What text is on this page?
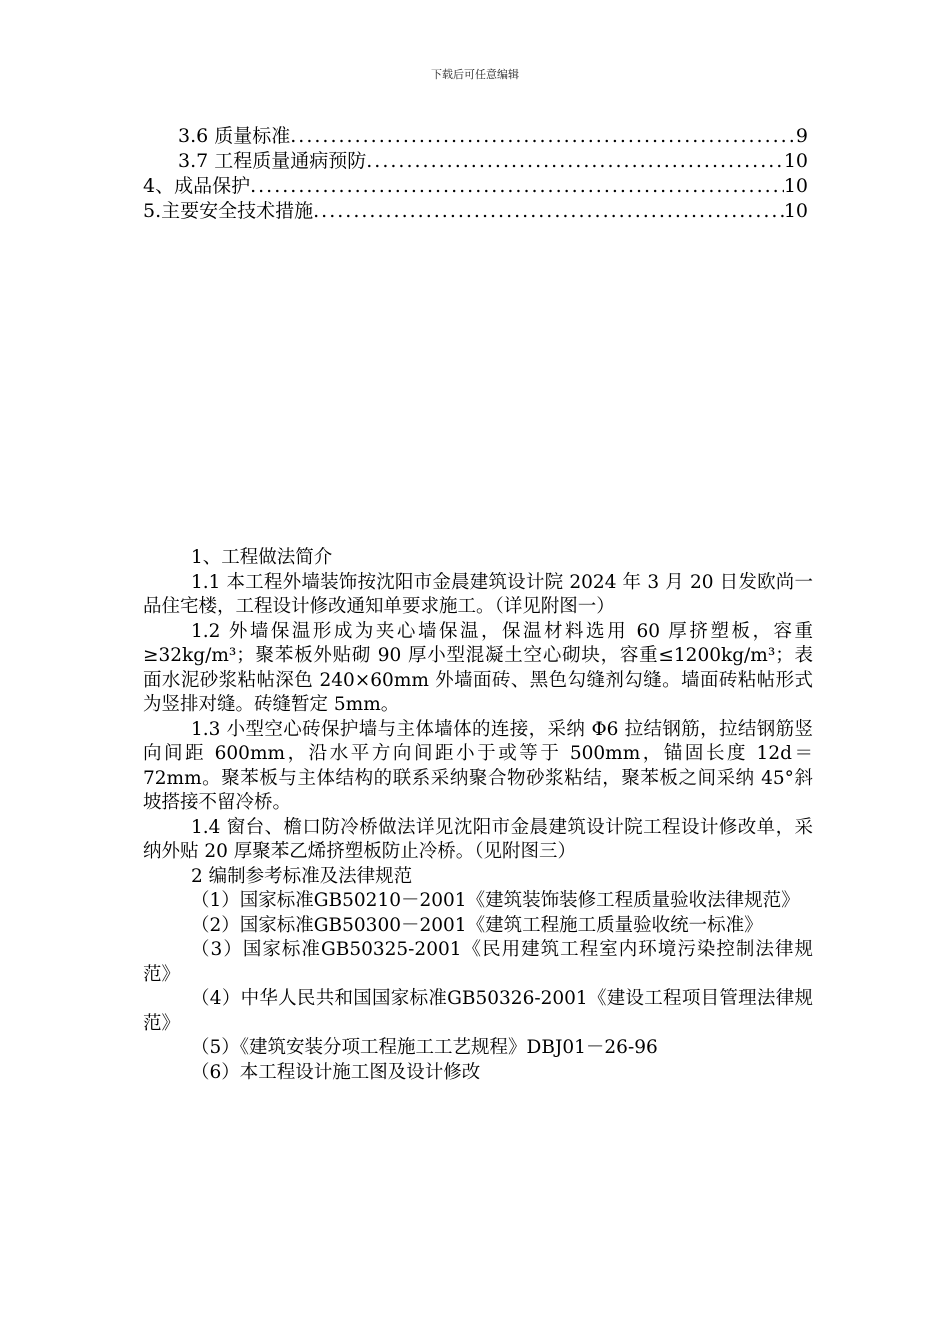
下载后可任意编辑
3.6 质量标准 .....	9
3.7 工程质量通病预防 .....	10
4、成品保护 .....	10
5.主要安全技术措施 .....	10

1、工程做法简介

1.1 本工程外墙装饰按沈阳市金晨建筑设计院 2024 年 3 月 20 日发欧尚一品住宅楼，工程设计修改通知单要求施工。（详见附图一）

1.2 外墙保温形成为夹心墙保温，保温材料选用 60 厚挤塑板，容重≥32kg/m³；聚苯板外贴砌 90 厚小型混凝土空心砌块，容重≤1200kg/m³；表面水泥砂浆粘帖深色 240×60mm 外墙面砖、黑色勾缝剂勾缝。墙面砖粘帖形式为竖排对缝。砖缝暂定 5mm。

1.3 小型空心砖保护墙与主体墙体的连接，采纳 Φ6 拉结钢筋，拉结钢筋竖向间距 600mm，沿水平方向间距小于或等于 500mm，锚固长度 12d＝72mm。聚苯板与主体结构的联系采纳聚合物砂浆粘结，聚苯板之间采纳 45°斜坡搭接不留冷桥。

1.4 窗台、檐口防冷桥做法详见沈阳市金晨建筑设计院工程设计修改单，采纳外贴 20 厚聚苯乙烯挤塑板防止冷桥。（见附图三）

2 编制参考标准及法律规范

（1）国家标准GB50210－2001《建筑装饰装修工程质量验收法律规范》

（2）国家标准GB50300－2001《建筑工程施工质量验收统一标准》

（3）国家标准GB50325-2001《民用建筑工程室内环境污染控制法律规范》

（4）中华人民共和国国家标准GB50326-2001《建设工程项目管理法律规范》

（5）《建筑安装分项工程施工工艺规程》DBJ01－26-96

（6）本工程设计施工图及设计修改
